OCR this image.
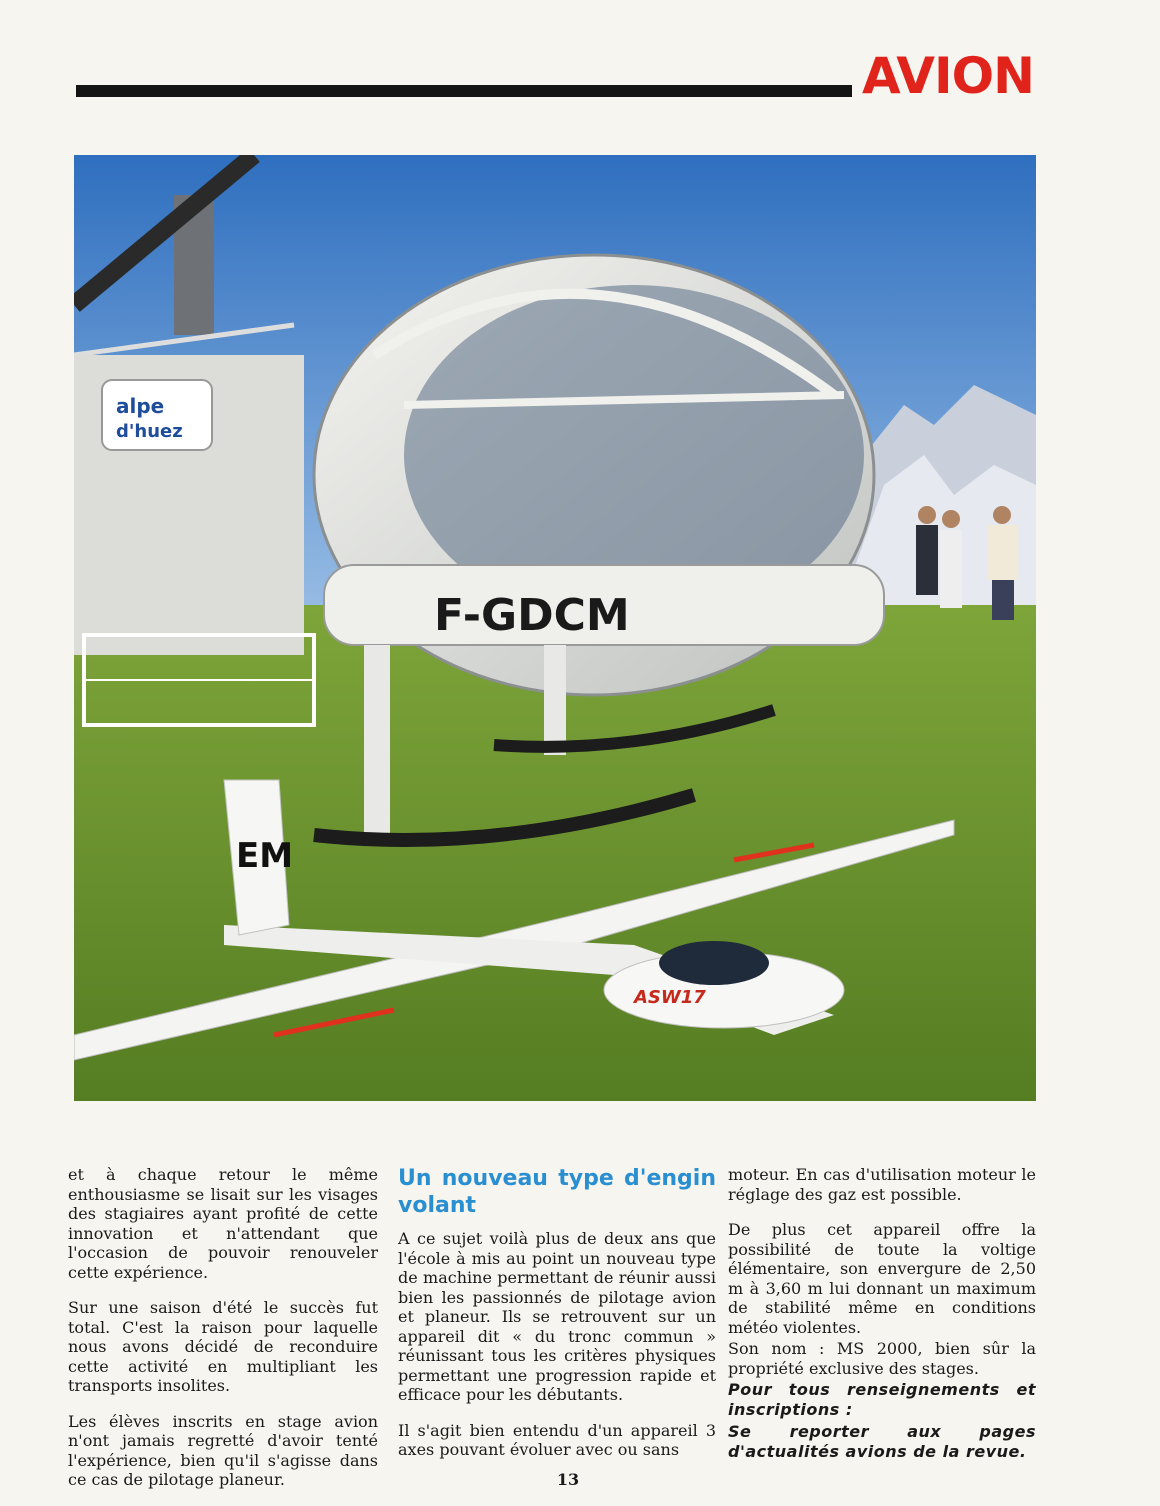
AVION
F-GDCM
alpe
d'huez
EM
ASW17

et à chaque retour le même enthousiasme se lisait sur les visages des stagiaires ayant profité de cette innovation et n'attendant que l'occasion de pouvoir renouveler cette expérience.

Sur une saison d'été le succès fut total. C'est la raison pour laquelle nous avons décidé de reconduire cette activité en multipliant les transports insolites.

Les élèves inscrits en stage avion n'ont jamais regretté d'avoir tenté l'expérience, bien qu'il s'agisse dans ce cas de pilotage planeur.

Un nouveau type d'engin volant

A ce sujet voilà plus de deux ans que l'école à mis au point un nouveau type de machine permettant de réunir aussi bien les passionnés de pilotage avion et planeur. Ils se retrouvent sur un appareil dit « du tronc commun » réunissant tous les critères physiques permettant une progression rapide et efficace pour les débutants.

Il s'agit bien entendu d'un appareil 3 axes pouvant évoluer avec ou sans

moteur. En cas d'utilisation moteur le réglage des gaz est possible.

De plus cet appareil offre la possibilité de toute la voltige élémentaire, son envergure de 2,50 m à 3,60 m lui donnant un maximum de stabilité même en conditions météo violentes.

Son nom : MS 2000, bien sûr la propriété exclusive des stages.

Pour tous renseignements et inscriptions :

Se reporter aux pages d'actualités avions de la revue.

13
